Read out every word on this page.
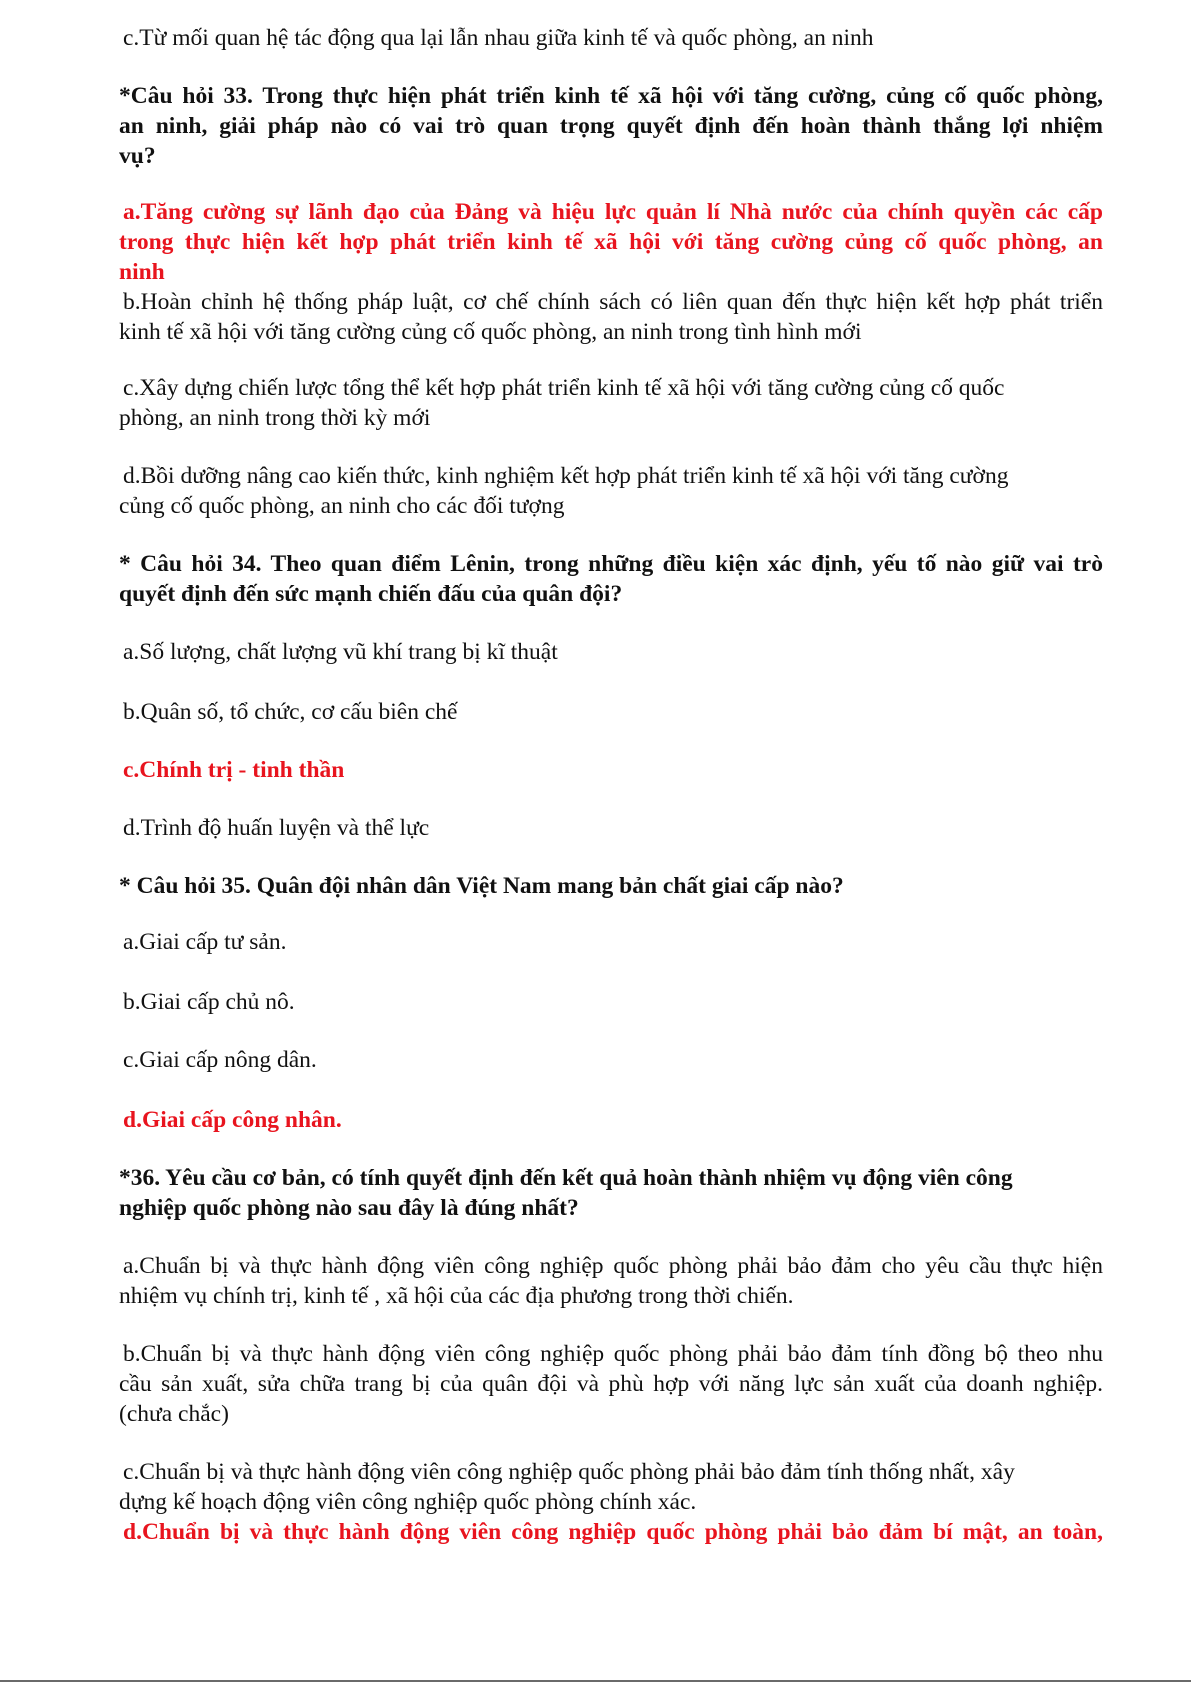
c.Từ mối quan hệ tác động qua lại lẫn nhau giữa kinh tế và quốc phòng, an ninh
*Câu hỏi 33. Trong thực hiện phát triển kinh tế xã hội với tăng cường, củng cố quốc phòng,
an ninh, giải pháp nào có vai trò quan trọng quyết định đến hoàn thành thắng lợi nhiệm
vụ?
a.Tăng cường sự lãnh đạo của Đảng và hiệu lực quản lí Nhà nước của chính quyền các cấp
trong thực hiện kết hợp phát triển kinh tế xã hội với tăng cường củng cố quốc phòng, an
ninh
b.Hoàn chỉnh hệ thống pháp luật, cơ chế chính sách có liên quan đến thực hiện kết hợp phát triển
kinh tế xã hội với tăng cường củng cố quốc phòng, an ninh trong tình hình mới
c.Xây dựng chiến lược tổng thể kết hợp phát triển kinh tế xã hội với tăng cường củng cố quốc
phòng, an ninh trong thời kỳ mới
d.Bồi dưỡng nâng cao kiến thức, kinh nghiệm kết hợp phát triển kinh tế xã hội với tăng cường
củng cố quốc phòng, an ninh cho các đối tượng
* Câu hỏi 34. Theo quan điểm Lênin, trong những điều kiện xác định, yếu tố nào giữ vai trò
quyết định đến sức mạnh chiến đấu của quân đội?
a.Số lượng, chất lượng vũ khí trang bị kĩ thuật
b.Quân số, tổ chức, cơ cấu biên chế
c.Chính trị - tinh thần
d.Trình độ huấn luyện và thể lực
* Câu hỏi 35. Quân đội nhân dân Việt Nam mang bản chất giai cấp nào?
a.Giai cấp tư sản.
b.Giai cấp chủ nô.
c.Giai cấp nông dân.
d.Giai cấp công nhân.
*36. Yêu cầu cơ bản, có tính quyết định đến kết quả hoàn thành nhiệm vụ động viên công
nghiệp quốc phòng nào sau đây là đúng nhất?
a.Chuẩn bị và thực hành động viên công nghiệp quốc phòng phải bảo đảm cho yêu cầu thực hiện
nhiệm vụ chính trị, kinh tế , xã hội của các địa phương trong thời chiến.
b.Chuẩn bị và thực hành động viên công nghiệp quốc phòng phải bảo đảm tính đồng bộ theo nhu
cầu sản xuất, sửa chữa trang bị của quân đội và phù hợp với năng lực sản xuất của doanh nghiệp.
(chưa chắc)
c.Chuẩn bị và thực hành động viên công nghiệp quốc phòng phải bảo đảm tính thống nhất, xây
dựng kế hoạch động viên công nghiệp quốc phòng chính xác.
d.Chuẩn bị và thực hành động viên công nghiệp quốc phòng phải bảo đảm bí mật, an toàn,
